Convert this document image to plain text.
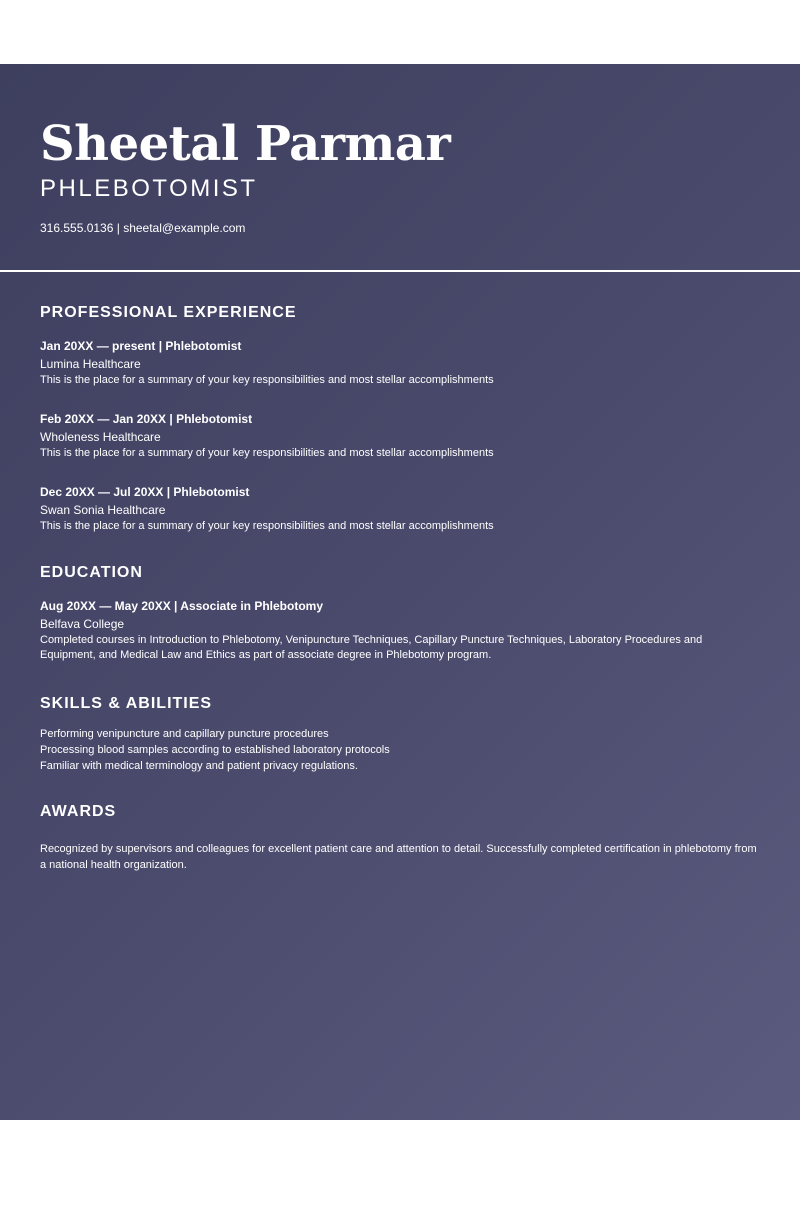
Sheetal Parmar
PHLEBOTOMIST
316.555.0136 | sheetal@example.com
PROFESSIONAL EXPERIENCE
Jan 20XX — present | Phlebotomist
Lumina Healthcare
This is the place for a summary of your key responsibilities and most stellar accomplishments
Feb 20XX — Jan 20XX | Phlebotomist
Wholeness Healthcare
This is the place for a summary of your key responsibilities and most stellar accomplishments
Dec 20XX — Jul 20XX | Phlebotomist
Swan Sonia Healthcare
This is the place for a summary of your key responsibilities and most stellar accomplishments
EDUCATION
Aug 20XX — May 20XX | Associate in Phlebotomy
Belfava College
Completed courses in Introduction to Phlebotomy, Venipuncture Techniques, Capillary Puncture Techniques, Laboratory Procedures and Equipment, and Medical Law and Ethics as part of associate degree in Phlebotomy program.
SKILLS & ABILITIES
Performing venipuncture and capillary puncture procedures
Processing blood samples according to established laboratory protocols
Familiar with medical terminology and patient privacy regulations.
AWARDS
Recognized by supervisors and colleagues for excellent patient care and attention to detail. Successfully completed certification in phlebotomy from a national health organization.
